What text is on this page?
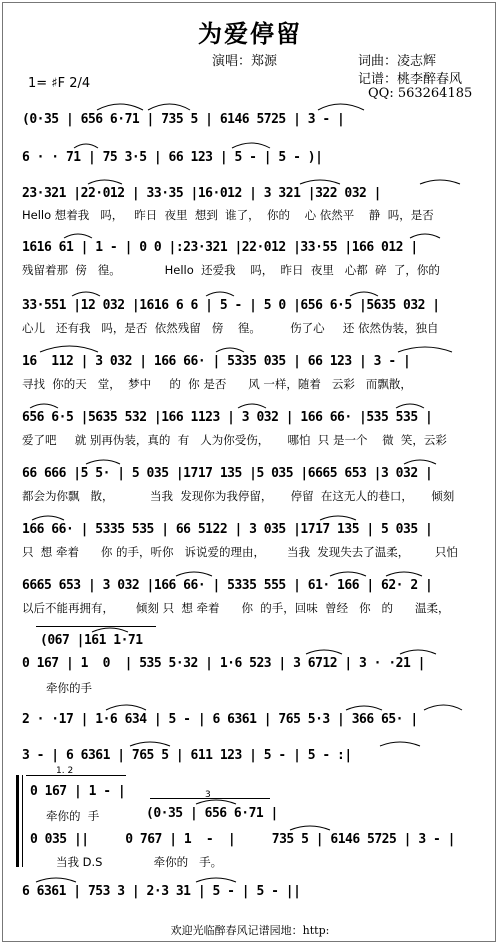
为爱停留
演唱：郑源	词曲：凌志辉
记谱：桃李醉春风
QQ: 563264185
1= ♯F 2/4
(0·35 | 656 6·71 | 735 5 | 6146 5725 | 3 - |
6 · · 71 | 75 3·5 | 66 123 | 5 - | 5 - )|
23·321 |22·012 | 33·35 |16·012 | 3 321 |322 032 |
Hello 想着我   吗，   昨日  夜里  想到  谁了，  你的    心 依然平    静  吗，是否
1616 61 | 1 - | 0 0 |:23·321 |22·012 |33·55 |166 012 |
残留着那  傍   徨。            Hello  还爱我    吗，  昨日  夜里   心都  碎  了，你的
33·551 |12 032 |1616 6 6 | 5 - | 5 0 |656 6·5 |5635 032 |
心儿   还有我   吗，是否  依然残留   傍    徨。        伤了心     还 依然伪装，独自
16  112 | 3 032 | 166 66· | 5335 035 | 66 123 | 3 - |
寻找  你的天   堂，  梦中     的  你 是否      风 一样，随着   云彩   而飘散，
656 6·5 |5635 532 |166 1123 | 3 032 | 166 66· |535 535 |
爱了吧     就 别再伪装，真的  有   人为你受伤，     哪怕  只 是一个    微  笑，云彩
66 666 |5 5· | 5 035 |1717 135 |5 035 |6665 653 |3 032 |
都会为你飘   散，          当我  发现你为我停留，     停留  在这无人的巷口，     倾刻
166 66· | 5335 535 | 66 5122 | 3 035 |1717 135 | 5 035 |
只  想 牵着      你 的手，听你   诉说爱的理由，      当我  发现失去了温柔，       只怕
6665 653 | 3 032 |166 66· | 5335 555 | 61· 166 | 62· 2 |
以后不能再拥有，      倾刻 只  想 牵着      你  的手，回味  曾经   你   的      温柔，
(067 |161 1·71
0 167 | 1  0  | 535 5·32 | 1·6 523 | 3 6712 | 3 · ·21 |
牵你的手
2 · ·17 | 1·6 634 | 5 - | 6 6361 | 765 5·3 | 366 65· |
3 - | 6 6361 | 765 5 | 611 123 | 5 - | 5 - :|
1. 2
0 167 | 1 - |
牵你的  手
3
(0·35 | 656 6·71 |
0 035 ||     0 767 | 1  -  |     735 5 | 6146 5725 | 3 - |
当我 D.S              牵你的   手。
6 6361 | 753 3 | 2·3 31 | 5 - | 5 - ||
欢迎光临醉春风记谱园地：http:
